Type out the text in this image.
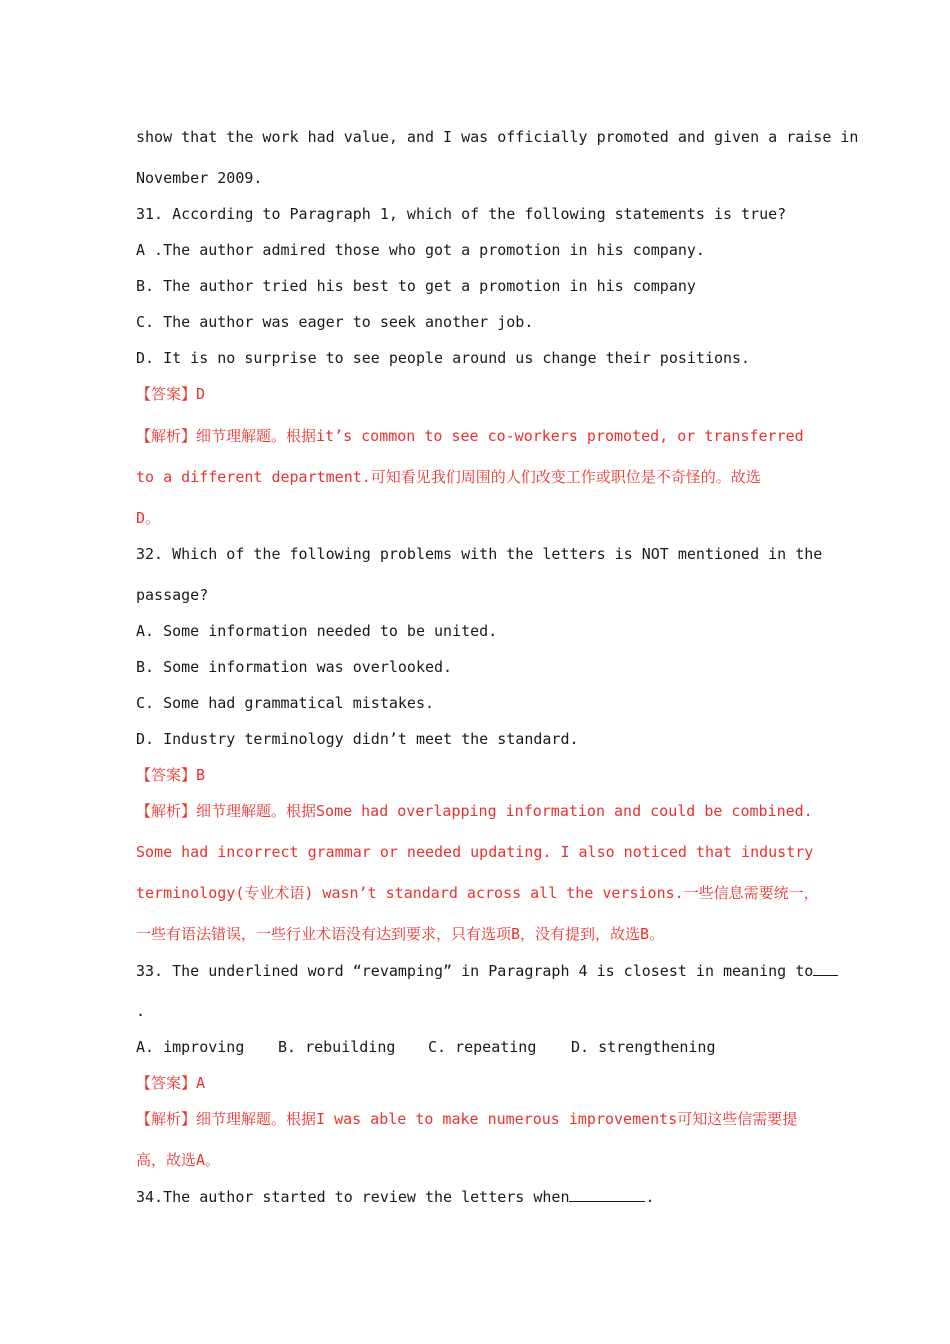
show that the work had value, and I was officially promoted and given a raise in
November 2009.
31. According to Paragraph 1, which of the following statements is true?
A .The author admired those who got a promotion in his company.
B. The author tried his best to get a promotion in his company
C. The author was eager to seek another job.
D. It is no surprise to see people around us change their positions.
【答案】D
【解析】细节理解题。根据it’s common to see co-workers promoted, or transferred
to a different department.可知看见我们周围的人们改变工作或职位是不奇怪的。故选
D。
32. Which of the following problems with the letters is NOT mentioned in the
passage?
A. Some information needed to be united.
B. Some information was overlooked.
C. Some had grammatical mistakes.
D. Industry terminology didn’t meet the standard.
【答案】B
【解析】细节理解题。根据Some had overlapping information and could be combined.
Some had incorrect grammar or needed updating. I also noticed that industry
terminology(专业术语) wasn’t standard across all the versions.一些信息需要统一，
一些有语法错误，一些行业术语没有达到要求，只有选项B，没有提到，故选B。
33. The underlined word “revamping” in Paragraph 4 is closest in meaning to
.
A. improving B. rebuilding C. repeating D. strengthening
【答案】A
【解析】细节理解题。根据I was able to make numerous improvements可知这些信需要提
高，故选A。
34.The author started to review the letters when	.
